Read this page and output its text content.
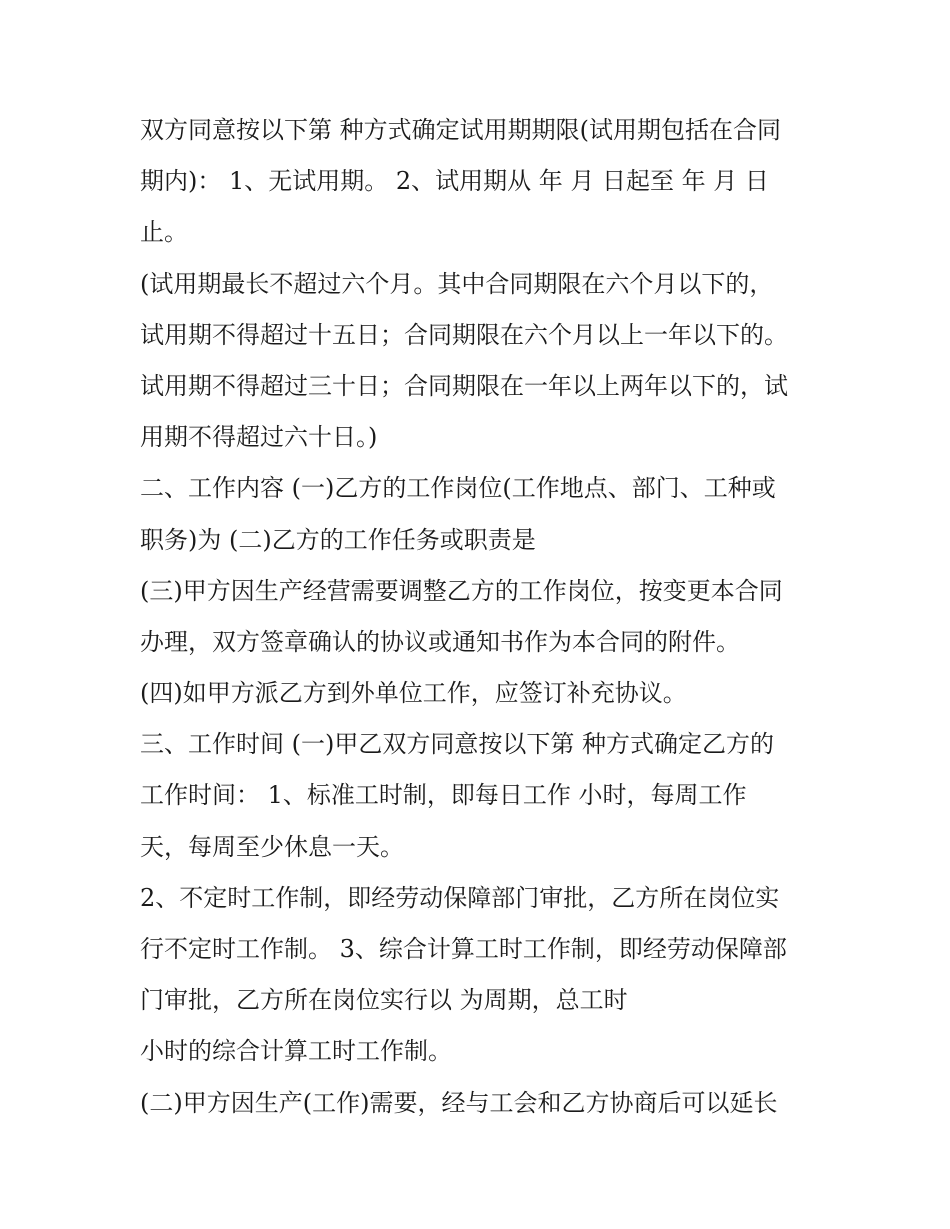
双方同意按以下第 种方式确定试用期期限(试用期包括在合同
期内)： 1、无试用期。 2、试用期从 年 月 日起至 年 月 日
止。
(试用期最长不超过六个月。其中合同期限在六个月以下的，
试用期不得超过十五日；合同期限在六个月以上一年以下的。
试用期不得超过三十日；合同期限在一年以上两年以下的，试
用期不得超过六十日。)
二、工作内容 (一)乙方的工作岗位(工作地点、部门、工种或
职务)为 (二)乙方的工作任务或职责是
(三)甲方因生产经营需要调整乙方的工作岗位，按变更本合同
办理，双方签章确认的协议或通知书作为本合同的附件。
(四)如甲方派乙方到外单位工作，应签订补充协议。
三、工作时间 (一)甲乙双方同意按以下第 种方式确定乙方的
工作时间： 1、标准工时制，即每日工作 小时，每周工作
天，每周至少休息一天。
2、不定时工作制，即经劳动保障部门审批，乙方所在岗位实
行不定时工作制。 3、综合计算工时工作制，即经劳动保障部
门审批，乙方所在岗位实行以 为周期，总工时
小时的综合计算工时工作制。
(二)甲方因生产(工作)需要，经与工会和乙方协商后可以延长
